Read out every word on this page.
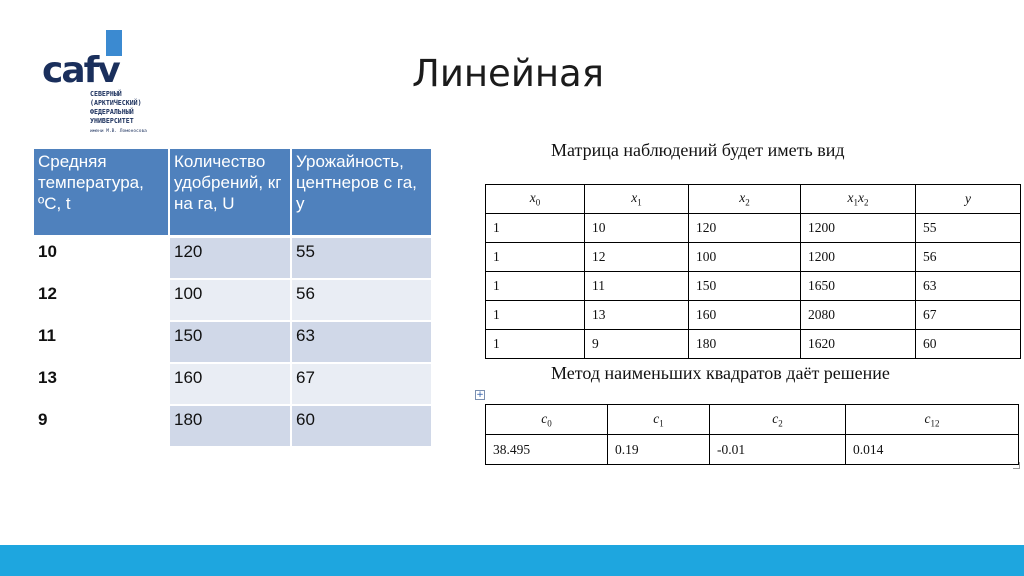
cafv
СЕВЕРНЫЙ
(АРКТИЧЕСКИЙ)
ФЕДЕРАЛЬНЫЙ
УНИВЕРСИТЕТ
имени М.В. Ломоносова
Линейная
Средняя температура, ºC, t	Количество удобрений, кг на га, U	Урожайность, центнеров с га, y
10	120	55
12	100	56
11	150	63
13	160	67
9	180	60
Матрица наблюдений будет иметь вид
$x_0$	$x_1$	$x_2$	$x_1x_2$	y
1	10	120	1200	55
1	12	100	1200	56
1	11	150	1650	63
1	13	160	2080	67
1	9	180	1620	60
Метод наименьших квадратов даёт решение
+
$c_0$	$c_1$	$c_2$	$c_{12}$
38.495	0.19	-0.01	0.014
